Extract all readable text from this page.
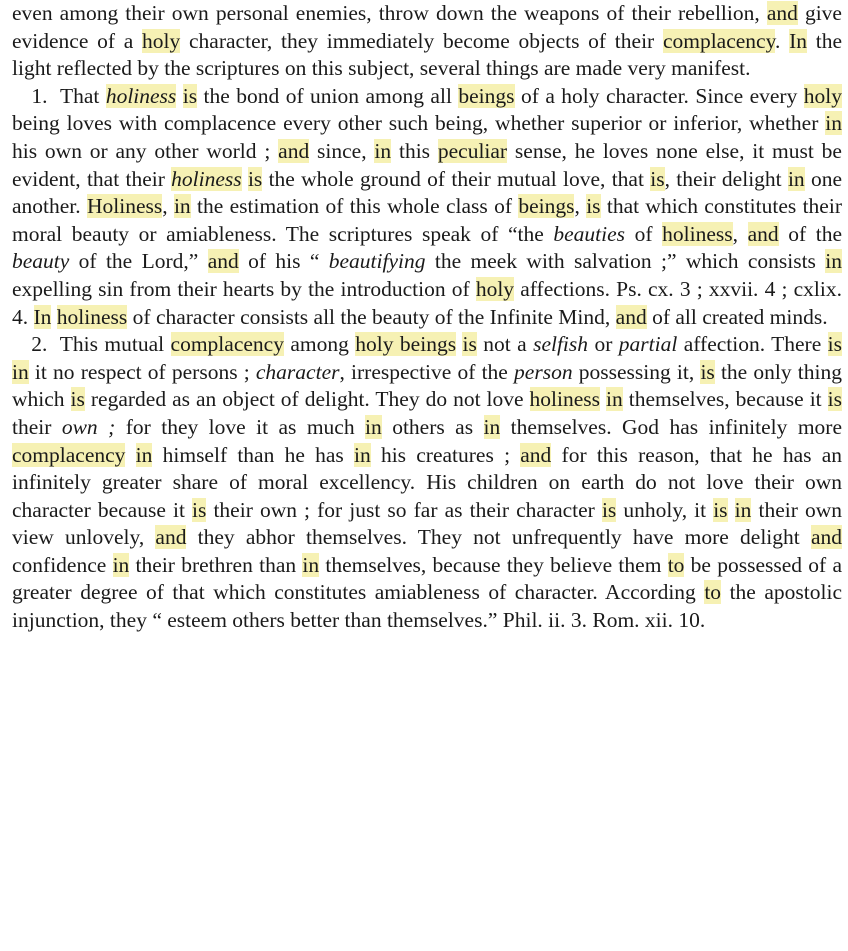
even among their own personal enemies, throw down the weapons of their rebellion, and give evidence of a holy character, they immediately become objects of their complacency. In the light reflected by the scriptures on this subject, several things are made very manifest.

1.  That holiness is the bond of union among all beings of a holy character. Since every holy being loves with complacence every other such being, whether superior or inferior, whether in his own or any other world ; and since, in this peculiar sense, he loves none else, it must be evident, that their holiness is the whole ground of their mutual love, that is, their delight in one another. Holiness, in the estimation of this whole class of beings, is that which constitutes their moral beauty or amiableness. The scriptures speak of “the beauties of holiness, and of the beauty of the Lord,” and of his “ beautifying the meek with salvation ;” which consists in expelling sin from their hearts by the introduction of holy affections. Ps. cx. 3 ; xxvii. 4 ; cxlix. 4. In holiness of character consists all the beauty of the Infinite Mind, and of all created minds.

2.  This mutual complacency among holy beings is not a selfish or partial affection. There is in it no respect of persons ; character, irrespective of the person possessing it, is the only thing which is regarded as an object of delight. They do not love holiness in themselves, because it is their own ; for they love it as much in others as in themselves. God has infinitely more complacency in himself than he has in his creatures ; and for this reason, that he has an infinitely greater share of moral excellency. His children on earth do not love their own character because it is their own ; for just so far as their character is unholy, it is in their own view unlovely, and they abhor themselves. They not unfrequently have more delight and confidence in their brethren than in themselves, because they believe them to be possessed of a greater degree of that which constitutes amiableness of character. According to the apostolic injunction, they “ esteem others better than themselves.” Phil. ii. 3. Rom. xii. 10.
